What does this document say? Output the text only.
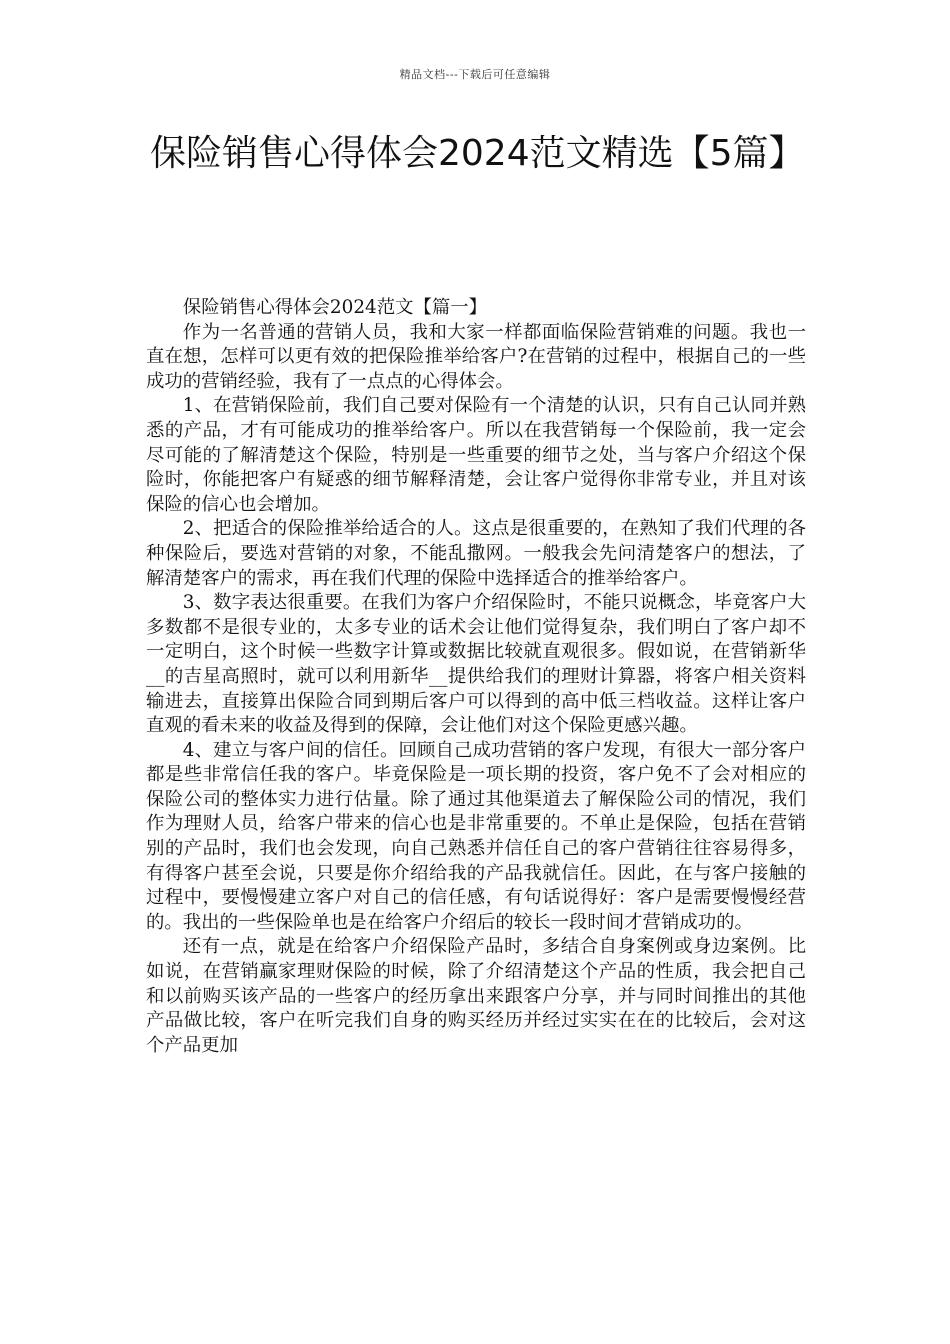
精品文档---下载后可任意编辑
保险销售心得体会2024范文精选【5篇】

保险销售心得体会2024范文【篇一】

作为一名普通的营销人员，我和大家一样都面临保险营销难的问题。我也一直在想，怎样可以更有效的把保险推举给客户?在营销的过程中，根据自己的一些成功的营销经验，我有了一点点的心得体会。

1、在营销保险前，我们自己要对保险有一个清楚的认识，只有自己认同并熟悉的产品，才有可能成功的推举给客户。所以在我营销每一个保险前，我一定会尽可能的了解清楚这个保险，特别是一些重要的细节之处，当与客户介绍这个保险时，你能把客户有疑惑的细节解释清楚，会让客户觉得你非常专业，并且对该保险的信心也会增加。

2、把适合的保险推举给适合的人。这点是很重要的，在熟知了我们代理的各种保险后，要选对营销的对象，不能乱撒网。一般我会先问清楚客户的想法，了解清楚客户的需求，再在我们代理的保险中选择适合的推举给客户。

3、数字表达很重要。在我们为客户介绍保险时，不能只说概念，毕竟客户大多数都不是很专业的，太多专业的话术会让他们觉得复杂，我们明白了客户却不一定明白，这个时候一些数字计算或数据比较就直观很多。假如说，在营销新华__的吉星高照时，就可以利用新华__提供给我们的理财计算器，将客户相关资料输进去，直接算出保险合同到期后客户可以得到的高中低三档收益。这样让客户直观的看未来的收益及得到的保障，会让他们对这个保险更感兴趣。

4、建立与客户间的信任。回顾自己成功营销的客户发现，有很大一部分客户都是些非常信任我的客户。毕竟保险是一项长期的投资，客户免不了会对相应的保险公司的整体实力进行估量。除了通过其他渠道去了解保险公司的情况，我们作为理财人员，给客户带来的信心也是非常重要的。不单止是保险，包括在营销别的产品时，我们也会发现，向自己熟悉并信任自己的客户营销往往容易得多，有得客户甚至会说，只要是你介绍给我的产品我就信任。因此，在与客户接触的过程中，要慢慢建立客户对自己的信任感，有句话说得好：客户是需要慢慢经营的。我出的一些保险单也是在给客户介绍后的较长一段时间才营销成功的。

还有一点，就是在给客户介绍保险产品时，多结合自身案例或身边案例。比如说，在营销赢家理财保险的时候，除了介绍清楚这个产品的性质，我会把自己和以前购买该产品的一些客户的经历拿出来跟客户分享，并与同时间推出的其他产品做比较，客户在听完我们自身的购买经历并经过实实在在的比较后，会对这个产品更加
